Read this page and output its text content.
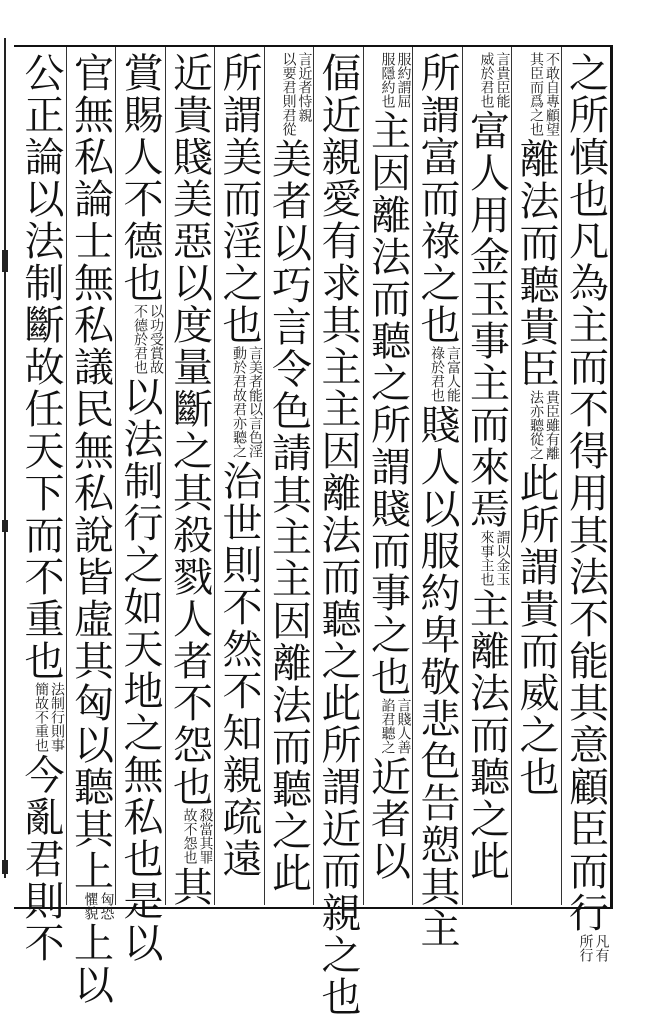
之所慎也凡為主而不得用其法不能其意顧臣而行凡有
所行
不敢自專顧望
其臣而爲之也離法而聽貴臣貴臣雖有離
法亦聽從之此所謂貴而威之也
言貴臣能
威於君也富人用金玉事主而來焉謂以金玉
來事主也主離法而聽之此
所謂富而祿之也言富人能
祿於君也賤人以服約卑敬悲色告愬其主
服約謂屈
服隱約也主因離法而聽之所謂賤而事之也言賤人善
諂君聽之近者以
偪近親愛有求其主主因離法而聽之此所謂近而親之也
言近者恃親
以要君則君從美者以巧言令色請其主主因離法而聽之此
所謂美而淫之也言美者能以言色淫
動於君故君亦聽之治世則不然不知親疏遠
近貴賤美惡以度量斷之其殺戮人者不怨也殺當其罪
故不怨也其
賞賜人不德也以功受賞故
不德於君也以法制行之如天地之無私也是以
官無私論士無私議民無私說皆虛其匈以聽其上匈恐
懼貌上以
公正論以法制斷故任天下而不重也法制行則事
簡故不重也今亂君則不
